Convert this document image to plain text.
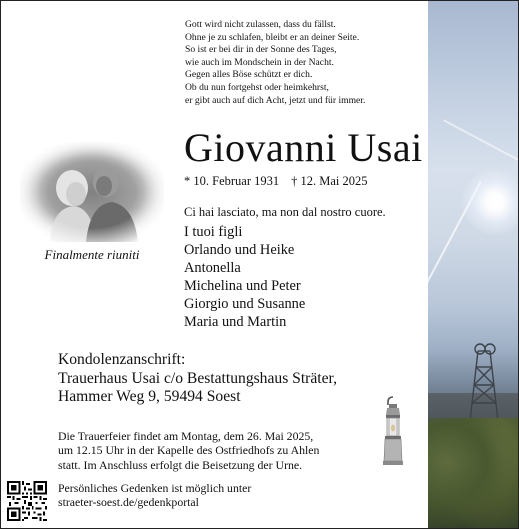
Gott wird nicht zulassen, dass du fällst.
Ohne je zu schlafen, bleibt er an deiner Seite.
So ist er bei dir in der Sonne des Tages,
wie auch im Mondschein in der Nacht.
Gegen alles Böse schützt er dich.
Ob du nun fortgehst oder heimkehrst,
er gibt auch auf dich Acht, jetzt und für immer.
Finalmente riuniti
Giovanni Usai
* 10. Februar 1931 † 12. Mai 2025
Ci hai lasciato, ma non dal nostro cuore.
I tuoi figli
Orlando und Heike
Antonella
Michelina und Peter
Giorgio und Susanne
Maria und Martin
Kondolenzanschrift:
Trauerhaus Usai c/o Bestattungshaus Sträter,
Hammer Weg 9, 59494 Soest
Die Trauerfeier findet am Montag, dem 26. Mai 2025,
um 12.15 Uhr in der Kapelle des Ostfriedhofs zu Ahlen
statt. Im Anschluss erfolgt die Beisetzung der Urne.
Persönliches Gedenken ist möglich unter
straeter-soest.de/gedenkportal
